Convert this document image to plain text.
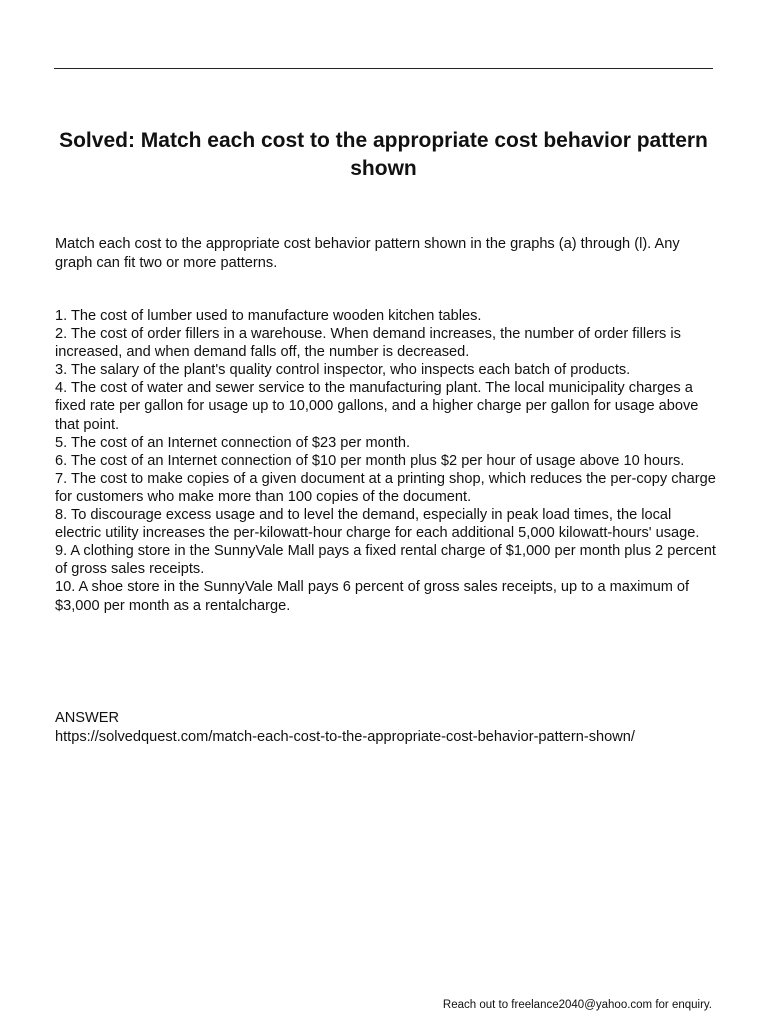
Solved: Match each cost to the appropriate cost behavior pattern shown

Match each cost to the appropriate cost behavior pattern shown in the graphs (a) through (l). Any graph can fit two or more patterns.

1. The cost of lumber used to manufacture wooden kitchen tables.
2. The cost of order fillers in a warehouse. When demand increases, the number of order fillers is increased, and when demand falls off, the number is decreased.
3. The salary of the plant's quality control inspector, who inspects each batch of products.
4. The cost of water and sewer service to the manufacturing plant. The local municipality charges a fixed rate per gallon for usage up to 10,000 gallons, and a higher charge per gallon for usage above that point.
5. The cost of an Internet connection of $23 per month.
6. The cost of an Internet connection of $10 per month plus $2 per hour of usage above 10 hours.
7. The cost to make copies of a given document at a printing shop, which reduces the per-copy charge for customers who make more than 100 copies of the document.
8. To discourage excess usage and to level the demand, especially in peak load times, the local electric utility increases the per-kilowatt-hour charge for each additional 5,000 kilowatt-hours' usage.
9. A clothing store in the SunnyVale Mall pays a fixed rental charge of $1,000 per month plus 2 percent of gross sales receipts.
10. A shoe store in the SunnyVale Mall pays 6 percent of gross sales receipts, up to a maximum of $3,000 per month as a rentalcharge.
ANSWER
https://solvedquest.com/match-each-cost-to-the-appropriate-cost-behavior-pattern-shown/
Reach out to freelance2040@yahoo.com for enquiry.
